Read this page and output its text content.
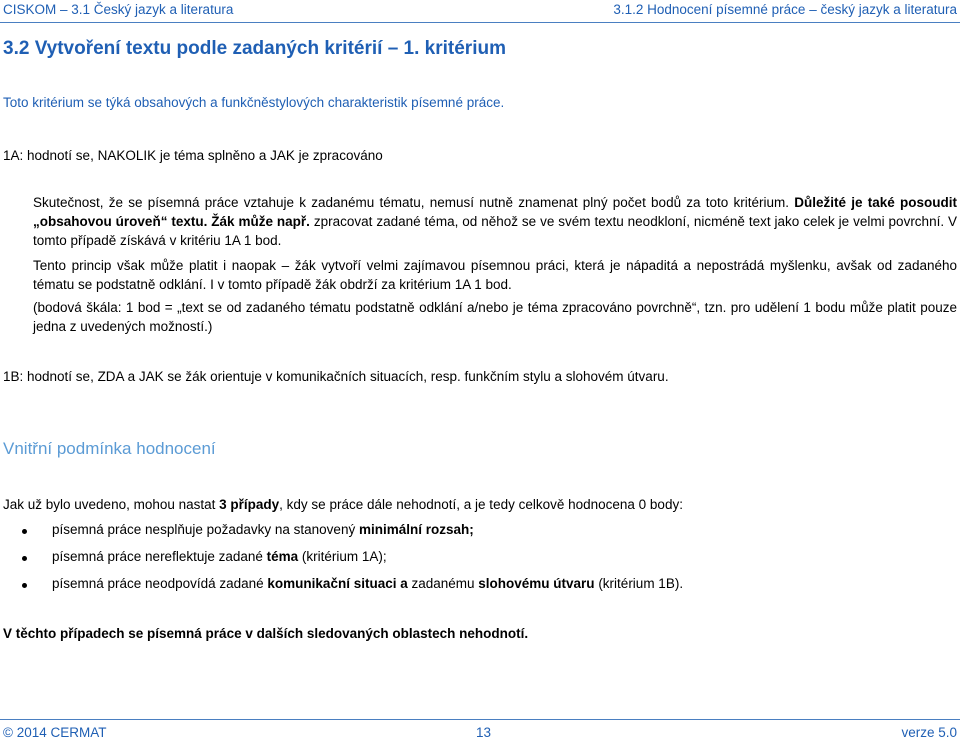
CISKOM – 3.1 Český jazyk a literatura	3.1.2 Hodnocení písemné práce – český jazyk a literatura
3.2 Vytvoření textu podle zadaných kritérií – 1. kritérium
Toto kritérium se týká obsahových a funkčněstylových charakteristik písemné práce.
1A: hodnotí se, NAKOLIK je téma splněno a JAK je zpracováno
Skutečnost, že se písemná práce vztahuje k zadanému tématu, nemusí nutně znamenat plný počet bodů za toto kritérium. Důležité je také posoudit „obsahovou úroveň“ textu. Žák může např. zpracovat zadané téma, od něhož se ve svém textu neodkloní, nicméně text jako celek je velmi povrchní. V tomto případě získává v kritériu 1A 1 bod.
Tento princip však může platit i naopak – žák vytvoří velmi zajímavou písemnou práci, která je nápaditá a nepostrádá myšlenku, avšak od zadaného tématu se podstatně odklání. I v tomto případě žák obdrží za kritérium 1A 1 bod.
(bodová škála: 1 bod = „text se od zadaného tématu podstatně odklání a/nebo je téma zpracováno povrchně“, tzn. pro udělení 1 bodu může platit pouze jedna z uvedených možností.)
1B: hodnotí se, ZDA a JAK se žák orientuje v komunikačních situacích, resp. funkčním stylu a slohovém útvaru.
Vnitřní podmínka hodnocení
Jak už bylo uvedeno, mohou nastat 3 případy, kdy se práce dále nehodnotí, a je tedy celkově hodnocena 0 body:
písemná práce nesplňuje požadavky na stanovený minimální rozsah;
písemná práce nereflektuje zadané téma (kritérium 1A);
písemná práce neodpovídá zadané komunikační situaci a zadanému slohovému útvaru (kritérium 1B).
V těchto případech se písemná práce v dalších sledovaných oblastech nehodnotí.
© 2014 CERMAT	13	verze 5.0
